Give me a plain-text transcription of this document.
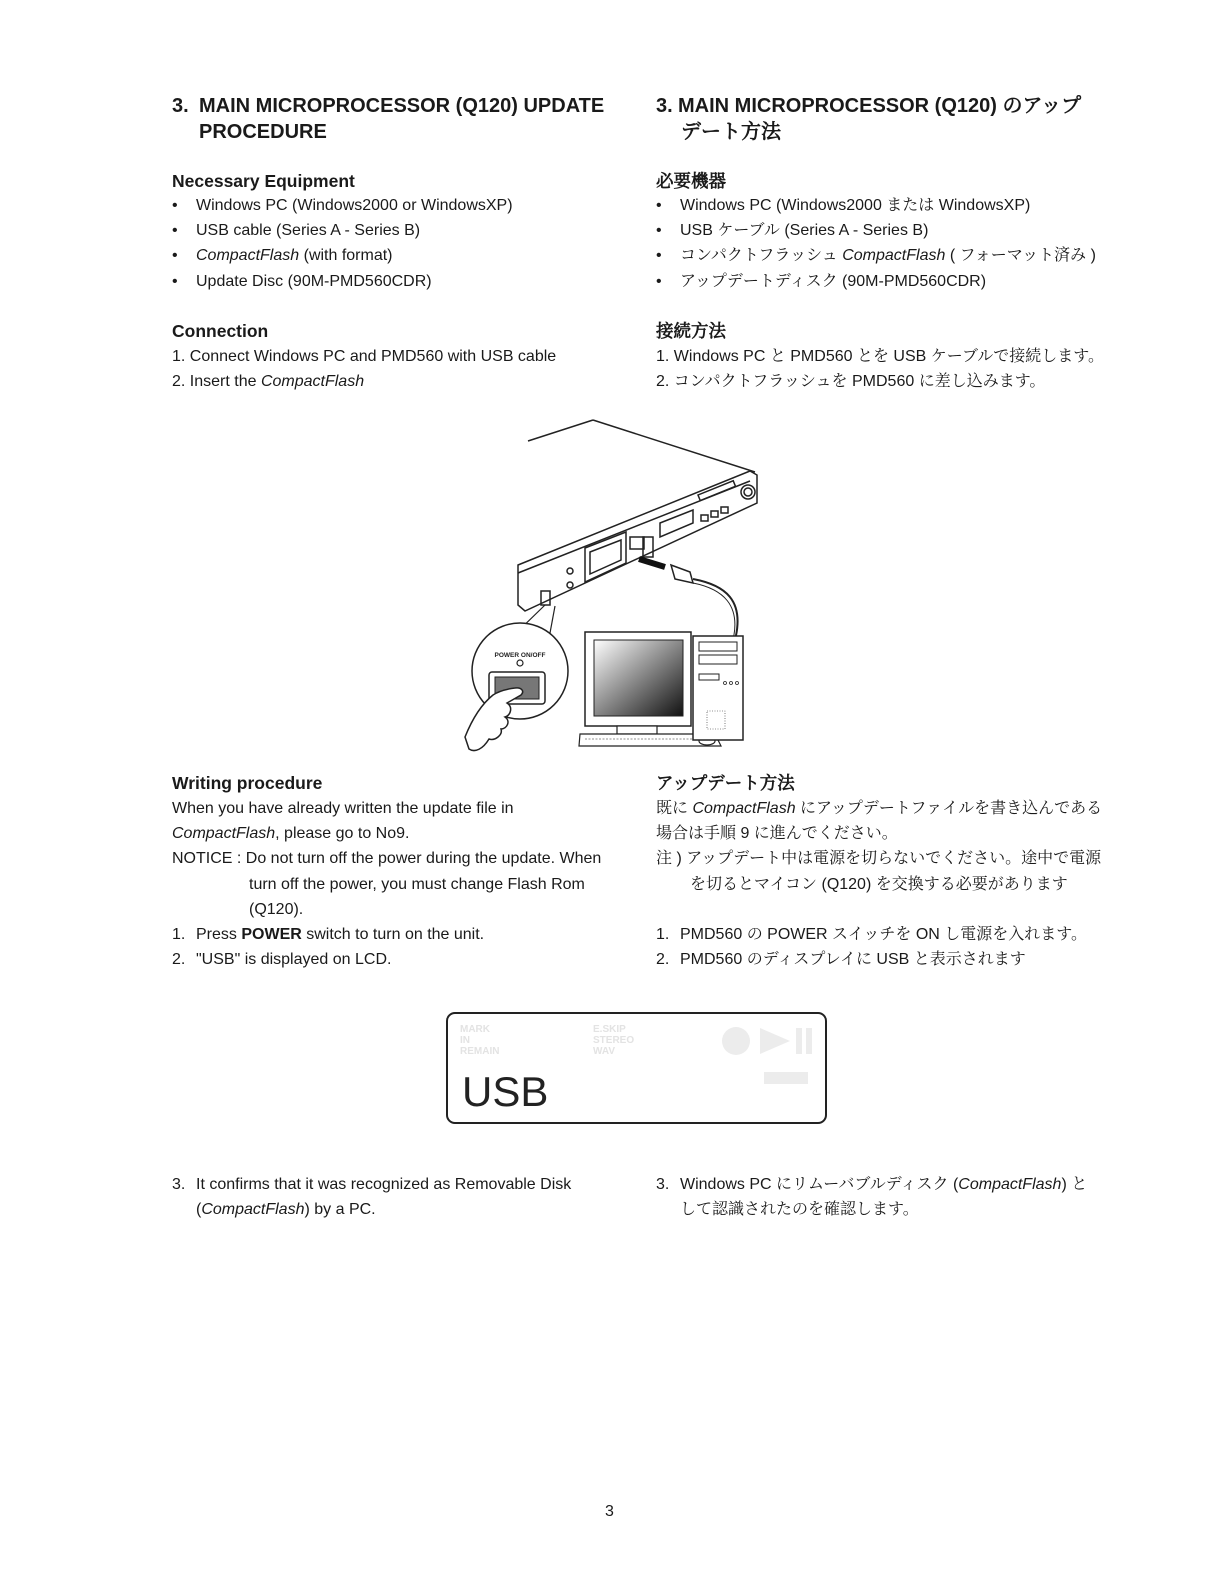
3. MAIN MICROPROCESSOR (Q120) UPDATE
PROCEDURE
Necessary Equipment
• Windows PC (Windows2000 or WindowsXP)
• USB cable (Series A - Series B)
• CompactFlash (with format)
• Update Disc (90M-PMD560CDR)
Connection
1. Connect Windows PC and PMD560 with USB cable
2. Insert the CompactFlash
Writing procedure
When you have already written the update file in
CompactFlash, please go to No9.
NOTICE : Do not turn off the power during the update. When turn off the power, you must change Flash Rom (Q120).
1. Press POWER switch to turn on the unit.
2. "USB" is displayed on LCD.
3. It confirms that it was recognized as Removable Disk (CompactFlash) by a PC.
3. MAIN MICROPROCESSOR (Q120) のアップ
デート方法
必要機器
• Windows PC (Windows2000 または WindowsXP)
• USB ケーブル (Series A - Series B)
• コンパクトフラッシュ CompactFlash ( フォーマット済み )
• アップデートディスク (90M-PMD560CDR)
接続方法
1. Windows PC と PMD560 とを USB ケーブルで接続します。
2. コンパクトフラッシュを PMD560 に差し込みます。
アップデート方法
既に CompactFlash にアップデートファイルを書き込んである場合は手順 9 に進んでください。
注 ) アップデート中は電源を切らないでください。途中で電源を切るとマイコン (Q120) を交換する必要があります
1. PMD560 の POWER スイッチを ON し電源を入れます。
2. PMD560 のディスプレイに USB と表示されます
3. Windows PC にリムーバブルディスク (CompactFlash) として認識されたのを確認します。
POWER ON/OFF
MARK
IN
REMAIN
E.SKIP
STEREO
WAV
USB
3
